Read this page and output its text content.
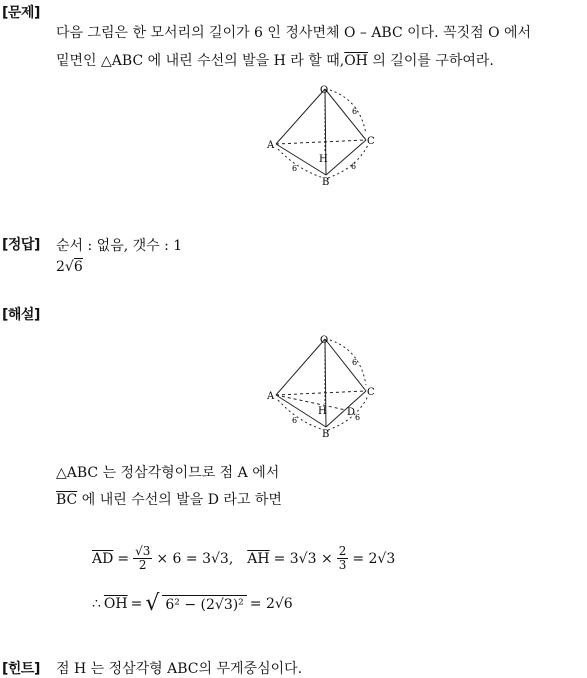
[문제]
다음 그림은 한 모서리의 길이가 6 인 정사면체 O – ABC 이다. 꼭짓점 O 에서
밑면인 △ABC 에 내린 수선의 발을 H 라 할 때$,\overline{OH}$ 의 길이를 구하여라.
O
A
B
C
H
6
6	6
[정답] 순서 : 없음, 갯수 : 1
2√6
[해설]
O
A
B
C
H D
6
6	6
△ABC 는 정삼각형이므로 점 A 에서
$\overline{BC}$ 에 내린 수선의 발을 D 라고 하면
$\overline{AD} = \frac{√3}{2} \times 6 = 3√3$, $\overline{AH} = 3√3 \times \frac{2}{3} = 2√3$
∴ $\overline{OH}$ = √ 6² − (2√3)² = 2√6
[힌트] 점 H 는 정삼각형 ABC의 무게중심이다.
